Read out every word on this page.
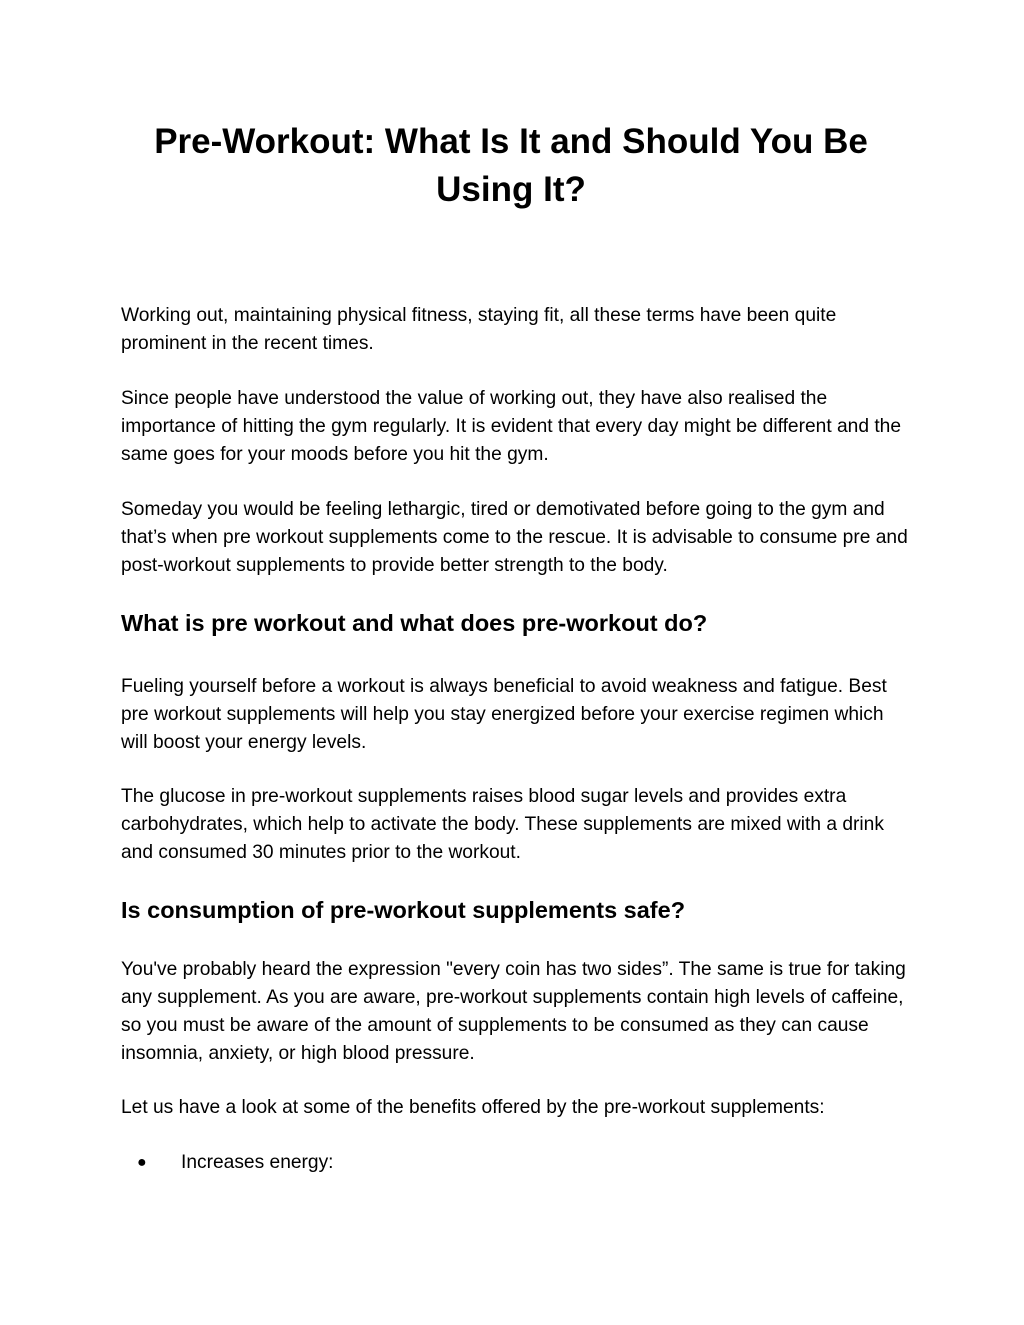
Pre-Workout: What Is It and Should You Be Using It?

Working out, maintaining physical fitness, staying fit, all these terms have been quite prominent in the recent times.

Since people have understood the value of working out, they have also realised the importance of hitting the gym regularly. It is evident that every day might be different and the same goes for your moods before you hit the gym.

Someday you would be feeling lethargic, tired or demotivated before going to the gym and that’s when pre workout supplements come to the rescue. It is advisable to consume pre and post-workout supplements to provide better strength to the body.

What is pre workout and what does pre-workout do?

Fueling yourself before a workout is always beneficial to avoid weakness and fatigue. Best pre workout supplements will help you stay energized before your exercise regimen which will boost your energy levels.

The glucose in pre-workout supplements raises blood sugar levels and provides extra carbohydrates, which help to activate the body. These supplements are mixed with a drink and consumed 30 minutes prior to the workout.

Is consumption of pre-workout supplements safe?

You've probably heard the expression "every coin has two sides”. The same is true for taking any supplement. As you are aware, pre-workout supplements contain high levels of caffeine, so you must be aware of the amount of supplements to be consumed as they can cause insomnia, anxiety, or high blood pressure.

Let us have a look at some of the benefits offered by the pre-workout supplements:

● Increases energy:
